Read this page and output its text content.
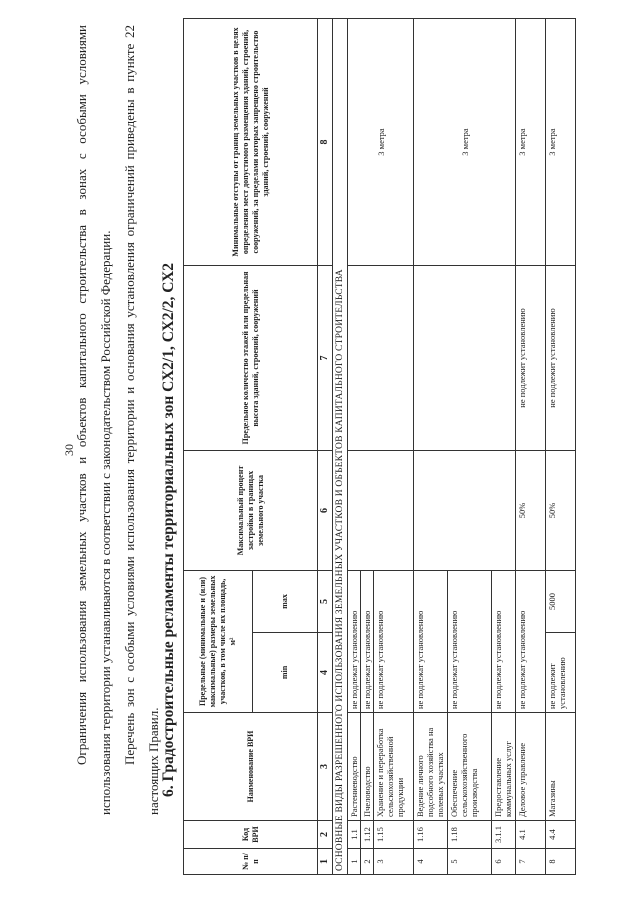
30

Ограничения использования земельных участков и объектов капитального строительства в зонах с особыми условиями использования территории устанавливаются в соответствии с законодательством Российской Федерации. Перечень зон с особыми условиями использования территории и основания установления ограничений приведены в пункте 22 настоящих Правил. 6. Градостроительные регламенты территориальных зон СХ2/1, СХ2/2, СХ2
№ п/п	Код ВРИ	Наименование ВРИ	Предельные (минимальные и (или) максимальные) размеры земельных участков, в том числе их площадь, м²		Максимальный процент застройки в границах земельного участка	Предельное количество этажей или предельная высота зданий, строений, сооружений	Минимальные отступы от границ земельных участков в целях определения мест допустимого размещения зданий, строений, сооружений, за пределами которых запрещено строительство зданий, строений, сооружений
			min	max			
1	2	3	4	5	6	7	8
ОСНОВНЫЕ ВИДЫ РАЗРЕШЕННОГО ИСПОЛЬЗОВАНИЯ ЗЕМЕЛЬНЫХ УЧАСТКОВ И ОБЪЕКТОВ КАПИТАЛЬНОГО СТРОИТЕЛЬСТВА							
1	1.1	Растениеводство	не подлежат установлению				3 метра
2	1.12	Пчеловодство	не подлежат установлению				
3	1.15	Хранение и переработка сельскохозяйственной продукции	не подлежат установлению				
4	1.16	Ведение личного подсобного хозяйства на полевых участках	не подлежат установлению				3 метра
5	1.18	Обеспечение сельскохозяйственного производства	не подлежат установлению				
6	3.1.1	Предоставление коммунальных услуг	не подлежат установлению				
7	4.1	Деловое управление	не подлежат установлению		50%	не подлежит установлению	3 метра
8	4.4	Магазины	не подлежит установлению	5000	50%	не подлежит установлению	3 метра
